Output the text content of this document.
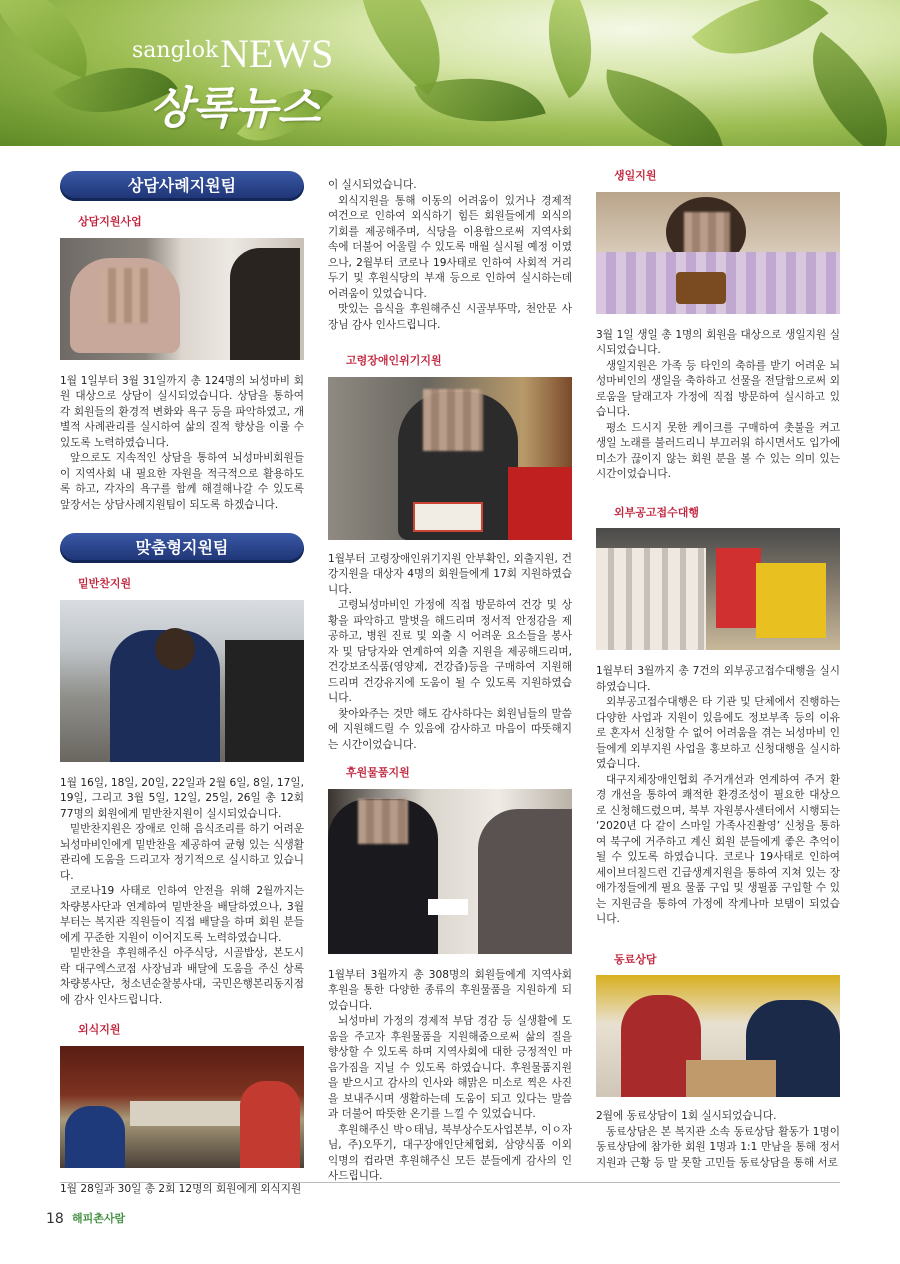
sanglok NEWS
상록뉴스
상담사례지원팀
상담지원사업

1월 1일부터 3월 31일까지 총 124명의 뇌성마비 회원 대상으로 상담이 실시되었습니다. 상담을 통하여 각 회원들의 환경적 변화와 욕구 등을 파악하였고, 개별적 사례관리를 실시하여 삶의 질적 향상을 이룰 수 있도록 노력하였습니다.

앞으로도 지속적인 상담을 통하여 뇌성마비회원들이 지역사회 내 필요한 자원을 적극적으로 활용하도록 하고, 각자의 욕구를 함께 해결해나갈 수 있도록 앞장서는 상담사례지원팀이 되도록 하겠습니다.

맞춤형지원팀
밑반찬지원

1월 16일, 18일, 20일, 22일과 2월 6일, 8일, 17일, 19일, 그리고 3월 5일, 12일, 25일, 26일 총 12회 77명의 회원에게 밑반찬지원이 실시되었습니다.

밑반찬지원은 장애로 인해 음식조리를 하기 어려운 뇌성마비인에게 밑반찬을 제공하여 균형 있는 식생활 관리에 도움을 드리고자 정기적으로 실시하고 있습니다.

코로나19 사태로 인하여 안전을 위해 2월까지는 차량봉사단과 연계하여 밑반찬을 배달하였으나, 3월부터는 복지관 직원들이 직접 배달을 하며 회원 분들에게 꾸준한 지원이 이어지도록 노력하였습니다.

밑반찬을 후원해주신 아주식당, 시골밥상, 본도시락 대구엑스코점 사장님과 배달에 도움을 주신 상록차량봉사단, 청소년순찰봉사대, 국민은행본리동지점에 감사 인사드립니다.

외식지원

1월 28일과 30일 총 2회 12명의 회원에게 외식지원

이 실시되었습니다.

외식지원을 통해 이동의 어려움이 있거나 경제적 여건으로 인하여 외식하기 힘든 회원들에게 외식의 기회를 제공해주며, 식당을 이용함으로써 지역사회 속에 더불어 어울릴 수 있도록 매월 실시될 예정 이였으나, 2월부터 코로나 19사태로 인하여 사회적 거리두기 및 후원식당의 부재 등으로 인하여 실시하는데 어려움이 있었습니다.

맛있는 음식을 후원해주신 시골부뚜막, 천안문 사장님 감사 인사드립니다.

고령장애인위기지원

1월부터 고령장애인위기지원 안부확인, 외출지원, 건강지원을 대상자 4명의 회원들에게 17회 지원하였습니다.

고령뇌성마비인 가정에 직접 방문하여 건강 및 상황을 파악하고 말벗을 해드리며 정서적 안정감을 제공하고, 병원 진료 및 외출 시 어려운 요소들을 봉사자 및 담당자와 연계하여 외출 지원을 제공해드리며, 건강보조식품(영양제, 건강즙)등을 구매하여 지원해드리며 건강유지에 도움이 될 수 있도록 지원하였습니다.

찾아와주는 것만 해도 감사하다는 회원님들의 말씀에 지원해드릴 수 있음에 감사하고 마음이 따뜻해지는 시간이었습니다.

후원물품지원

1월부터 3월까지 총 308명의 회원들에게 지역사회 후원을 통한 다양한 종류의 후원물품을 지원하게 되었습니다.

뇌성마비 가정의 경제적 부담 경감 등 실생활에 도움을 주고자 후원물품을 지원해줌으로써 삶의 질을 향상할 수 있도록 하며 지역사회에 대한 긍정적인 마음가짐을 지닐 수 있도록 하였습니다. 후원물품지원을 받으시고 감사의 인사와 해맑은 미소로 찍은 사진을 보내주시며 생활하는데 도움이 되고 있다는 말씀과 더불어 따뜻한 온기를 느낄 수 있었습니다.

후원해주신 박ㅇ태님, 북부상수도사업본부, 이ㅇ자님, 주)오뚜기, 대구장애인단체협회, 삼양식품 이외 익명의 컵라면 후원해주신 모든 분들에게 감사의 인사드립니다.

생일지원

3월 1일 생일 총 1명의 회원을 대상으로 생일지원 실시되었습니다.

생일지원은 가족 등 타인의 축하를 받기 어려운 뇌성마비인의 생일을 축하하고 선물을 전달함으로써 외로움을 달래고자 가정에 직접 방문하여 실시하고 있습니다.

평소 드시지 못한 케이크를 구매하여 촛불을 켜고 생일 노래를 불러드리니 부끄러워 하시면서도 입가에 미소가 끊이지 않는 회원 분을 볼 수 있는 의미 있는 시간이었습니다.

외부공고접수대행

1월부터 3월까지 총 7건의 외부공고접수대행을 실시하였습니다.

외부공고접수대행은 타 기관 및 단체에서 진행하는 다양한 사업과 지원이 있음에도 정보부족 등의 이유로 혼자서 신청할 수 없어 어려움을 겪는 뇌성마비 인들에게 외부지원 사업을 홍보하고 신청대행을 실시하였습니다.

대구지체장애인협회 주거개선과 연계하여 주거 환경 개선을 통하여 쾌적한 환경조성이 필요한 대상으로 신청해드렸으며, 북부 자원봉사센터에서 시행되는 ‘2020년 다 같이 스마일 가족사진촬영’ 신청을 통하여 북구에 거주하고 계신 회원 분들에게 좋은 추억이 될 수 있도록 하였습니다. 코로나 19사태로 인하여 세이브더칠드런 긴급생계지원을 통하여 지쳐 있는 장애가정들에게 필요 물품 구입 및 생필품 구입할 수 있는 지원금을 통하여 가정에 작게나마 보탬이 되었습니다.

동료상담

2월에 동료상담이 1회 실시되었습니다.

동료상담은 본 복지관 소속 동료상담 활동가 1명이 동료상담에 참가한 회원 1명과 1:1 만남을 통해 정서지원과 근황 등 말 못할 고민들 동료상담을 통해 서로

18 해피촌사람
